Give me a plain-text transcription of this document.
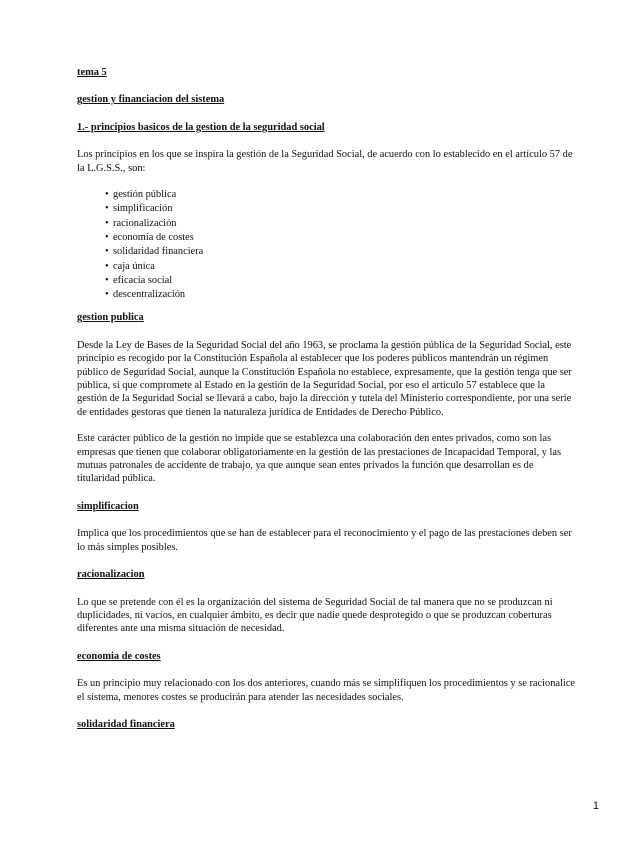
tema 5

gestion y financiacion del sistema

1.- principios basicos de la gestion de la seguridad social

Los principios en los que se inspira la gestión de la Seguridad Social, de acuerdo con lo establecido en el artículo 57 de la L.G.S.S., son:

• gestión pública
• simplificación
• racionalización
• economía de costes
• solidaridad financiera
• caja única
• eficacia social
• descentralización

gestion publica

Desde la Ley de Bases de la Seguridad Social del año 1963, se proclama la gestión pública de la Seguridad Social, este principio es recogido por la Constitución Española al establecer que los poderes públicos mantendrán un régimen público de Seguridad Social, aunque la Constitución Española no establece, expresamente, que la gestión tenga que ser pública, si que compromete al Estado en la gestión de la Seguridad Social, por eso el artículo 57 establece que la gestión de la Seguridad Social se llevará a cabo, bajo la dirección y tutela del Ministerio correspondiente, por una serie de entidades gestoras que tienen la naturaleza jurídica de Entidades de Derecho Público.

Este carácter público de la gestión no impide que se establezca una colaboración den entes privados, como son las empresas que tienen que colaborar obligatoriamente en la gestión de las prestaciones de Incapacidad Temporal, y las mutuas patronales de accidente de trabajo, ya que aunque sean entes privados la función que desarrollan es de titularidad pública.

simplificacion

Implica que los procedimientos que se han de establecer para el reconocimiento y el pago de las prestaciones deben ser lo más simples posibles.

racionalizacion

Lo que se pretende con él es la organización del sistema de Seguridad Social de tal manera que no se produzcan ni duplicidades, ni vacíos, en cualquier ámbito, es decir que nadie quede desprotegido o que se produzcan coberturas diferentes ante una misma situación de necesidad.

economia de costes

Es un principio muy relacionado con los dos anteriores, cuando más se simplifiquen los procedimientos y se racionalice el sistema, menores costes se producirán para atender las necesidades sociales.

solidaridad financiera

1
